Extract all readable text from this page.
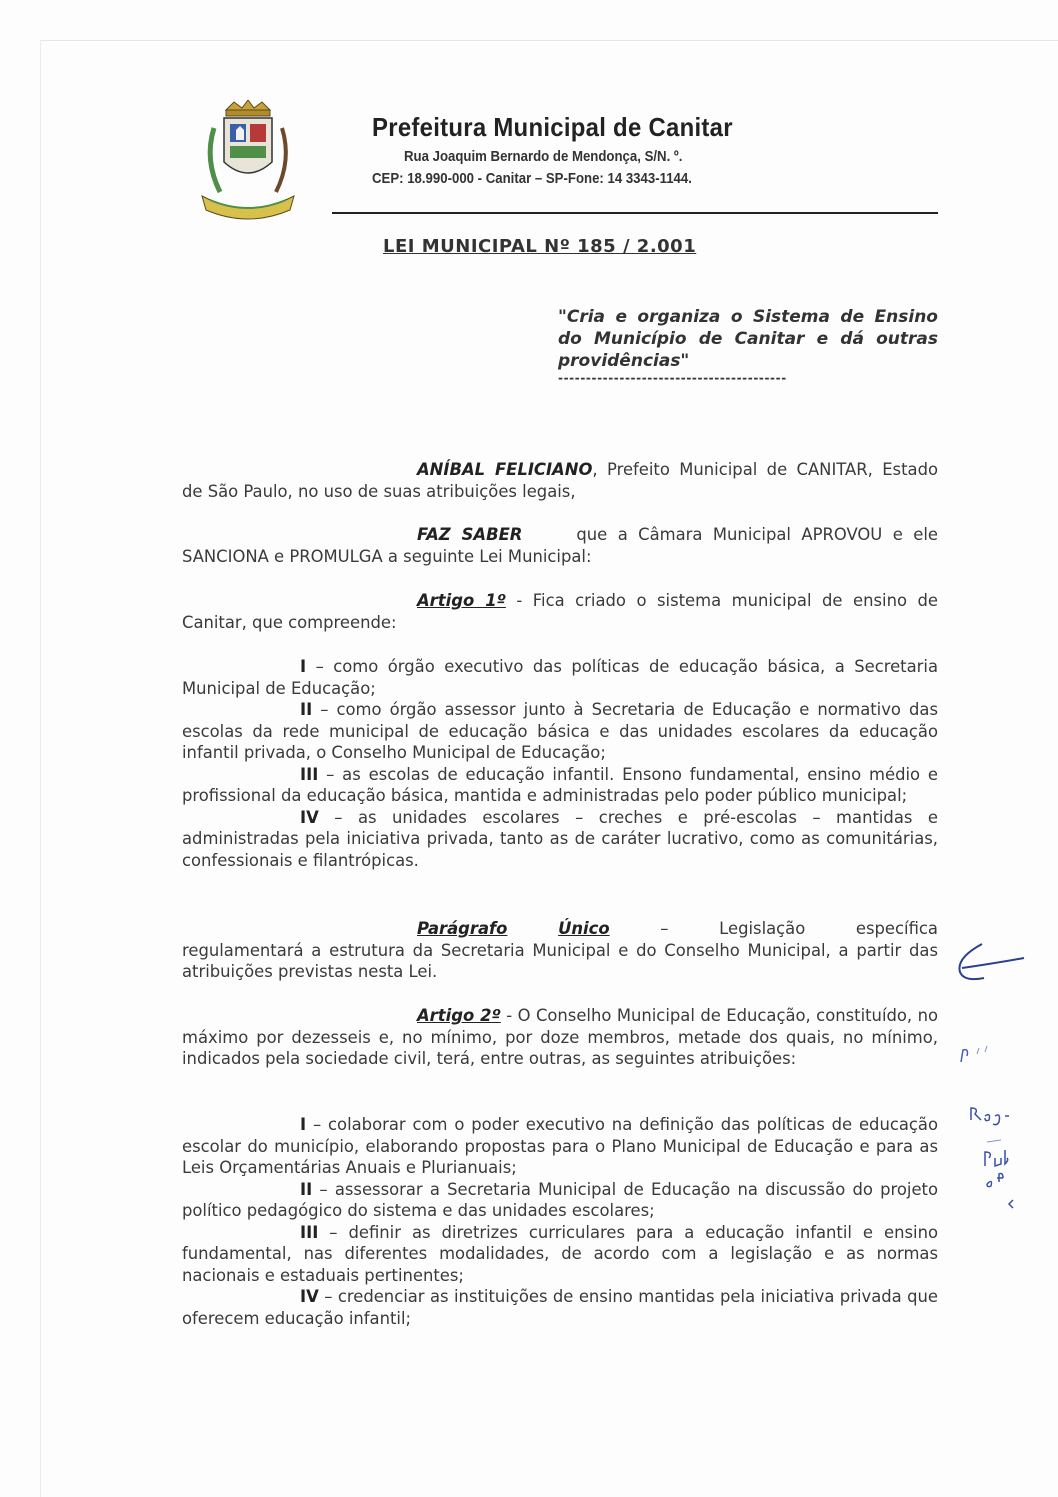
Prefeitura Municipal de Canitar
Rua Joaquim Bernardo de Mendonça, S/N. º.
CEP: 18.990-000 - Canitar – SP-Fone: 14 3343-1144.
LEI MUNICIPAL Nº 185 / 2.001
"Cria e organiza o Sistema de Ensino do Município de Canitar e dá outras providências"
-----------------------------------------

ANÍBAL FELICIANO, Prefeito Municipal de CANITAR, Estado de São Paulo, no uso de suas atribuições legais,

FAZ SABER	que a Câmara Municipal APROVOU e ele SANCIONA e PROMULGA a seguinte Lei Municipal:

Artigo 1º - Fica criado o sistema municipal de ensino de Canitar, que compreende:

I – como órgão executivo das políticas de educação básica, a Secretaria Municipal de Educação;

II – como órgão assessor junto à Secretaria de Educação e normativo das escolas da rede municipal de educação básica e das unidades escolares da educação infantil privada, o Conselho Municipal de Educação;

III – as escolas de educação infantil. Ensono fundamental, ensino médio e profissional da educação básica, mantida e administradas pelo poder público municipal;

IV – as unidades escolares – creches e pré-escolas – mantidas e administradas pela iniciativa privada, tanto as de caráter lucrativo, como as comunitárias, confessionais e filantrópicas.

Parágrafo	Único	–	Legislação	específica

regulamentará a estrutura da Secretaria Municipal e do Conselho Municipal, a partir das atribuições previstas nesta Lei.

Artigo 2º - O Conselho Municipal de Educação, constituído, no máximo por dezesseis e, no mínimo, por doze membros, metade dos quais, no mínimo, indicados pela sociedade civil, terá, entre outras, as seguintes atribuições:

I – colaborar com o poder executivo na definição das políticas de educação escolar do município, elaborando propostas para o Plano Municipal de Educação e para as Leis Orçamentárias Anuais e Plurianuais;

II – assessorar a Secretaria Municipal de Educação na discussão do projeto político pedagógico do sistema e das unidades escolares;

III – definir as diretrizes curriculares para a educação infantil e ensino fundamental, nas diferentes modalidades, de acordo com a legislação e as normas nacionais e estaduais pertinentes;

IV – credenciar as instituições de ensino mantidas pela iniciativa privada que oferecem educação infantil;
